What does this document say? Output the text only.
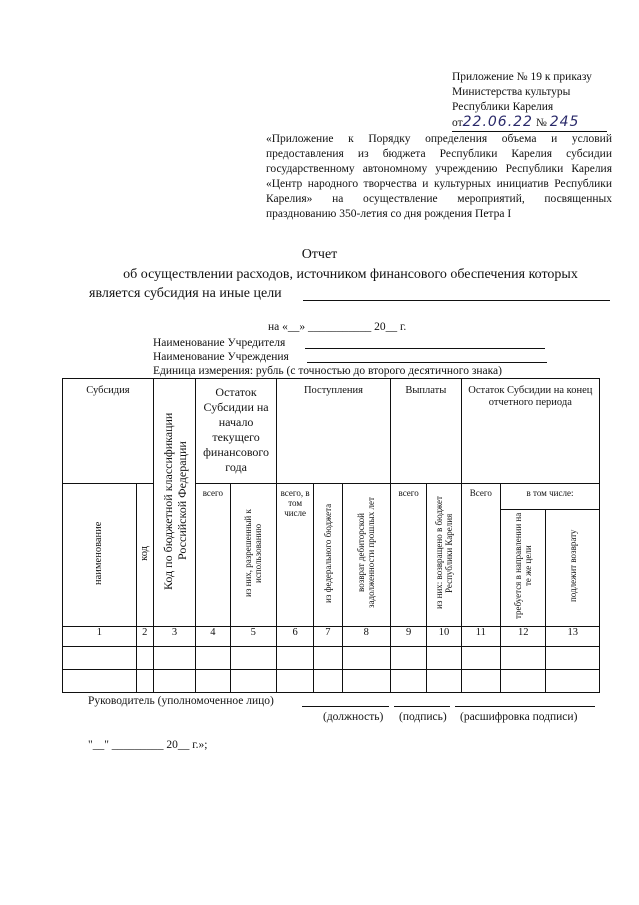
Приложение № 19 к приказу
Министерства культуры
Республики Карелия
от22.06.22 № 245
«Приложение к Порядку определения объема и условий предоставления из бюджета Республики Карелия субсидии государственному автономному учреждению Республики Карелия «Центр народного творчества и культурных инициатив Республики Карелия» на осуществление мероприятий, посвященных празднованию 350-летия со дня рождения Петра I
Отчет
об осуществлении расходов, источником финансового обеспечения которых
является субсидия на иные цели
на «__» ___________ 20__ г.
Наименование Учредителя
Наименование Учреждения
Единица измерения: рубль (с точностью до второго десятичного знака)
Субсидия		Код по бюджетной классификации Российской Федерации	Остаток Субсидии на начало текущего финансового года		Поступления			Выплаты		Остаток Субсидии на конец отчетного периода		
наименование	код		всего	из них, разрешенный к использованию	всего, в том числе	из федерального бюджета	возврат дебиторской задолженности прошлых лет	всего	из них: возвращено в бюджет Республики Карелия	Всего	в том числе:	
											требуется в направлении на те же цели	подлежит возврату
1	2	3	4	5	6	7	8	9	10	11	12	13

Руководитель (уполномоченное лицо)
(должность) (подпись) (расшифровка подписи)
"__" _________ 20__ г.»;
